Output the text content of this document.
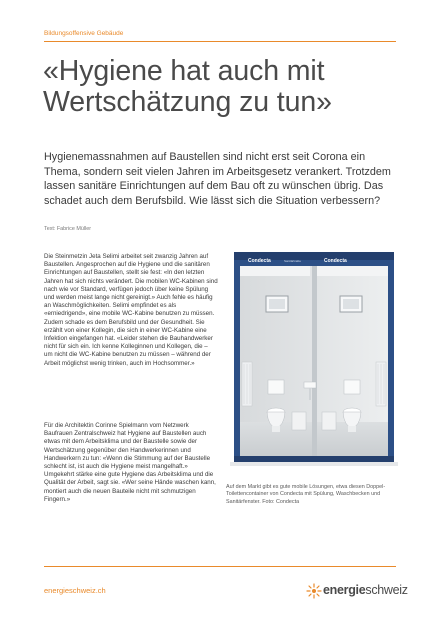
Bildungsoffensive Gebäude
«Hygiene hat auch mit Wertschätzung zu tun»
Hygienemassnahmen auf Baustellen sind nicht erst seit Corona ein Thema, sondern seit vielen Jahren im Arbeitsgesetz verankert. Trotzdem lassen sanitäre Einrichtungen auf dem Bau oft zu wünschen übrig. Das schadet auch dem Berufsbild. Wie lässt sich die Situation verbessern?
Text: Fabrice Müller

Die Steinmetzin Jeta Selimi arbeitet seit zwanzig Jahren auf Baustellen. Angesprochen auf die Hygiene und die sanitären Einrichtungen auf Baustellen, stellt sie fest: «In den letzten Jahren hat sich nichts verändert. Die mobilen WC-Kabinen sind nach wie vor Standard, verfügen jedoch über keine Spülung und werden meist lange nicht gereinigt.» Auch fehle es häufig an Waschmöglichkeiten. Selimi empfindet es als «erniedrigend», eine mobile WC-Kabine benutzen zu müssen. Zudem schade es dem Berufsbild und der Gesundheit. Sie erzählt von einer Kollegin, die sich in einer WC-Kabine eine Infektion eingefangen hat. «Leider stehen die Bauhandwerker nicht für sich ein. Ich kenne Kolleginnen und Kollegen, die – um nicht die WC-Kabine benutzen zu müssen – während der Arbeit möglichst wenig trinken, auch im Hochsommer.»

Für die Architektin Corinne Spielmann vom Netzwerk Baufrauen Zentralschweiz hat Hygiene auf Baustellen auch etwas mit dem Arbeitsklima und der Baustelle sowie der Wertschätzung gegenüber den Handwerkerinnen und Handwerkern zu tun: «Wenn die Stimmung auf der Baustelle schlecht ist, ist auch die Hygiene meist mangelhaft.» Umgekehrt stärke eine gute Hygiene das Arbeitsklima und die Qualität der Arbeit, sagt sie. «Wer seine Hände waschen kann, montiert auch die neuen Bauteile nicht mit schmutzigen Fingern.»

Condecta	Condecta
Sanitärtrakte
Auf dem Markt gibt es gute mobile Lösungen, etwa diesen Doppel-Toilettencontainer von Condecta mit Spülung, Waschbecken und Sanitärfenster. Foto: Condecta
energieschweiz.ch	energieschweiz
